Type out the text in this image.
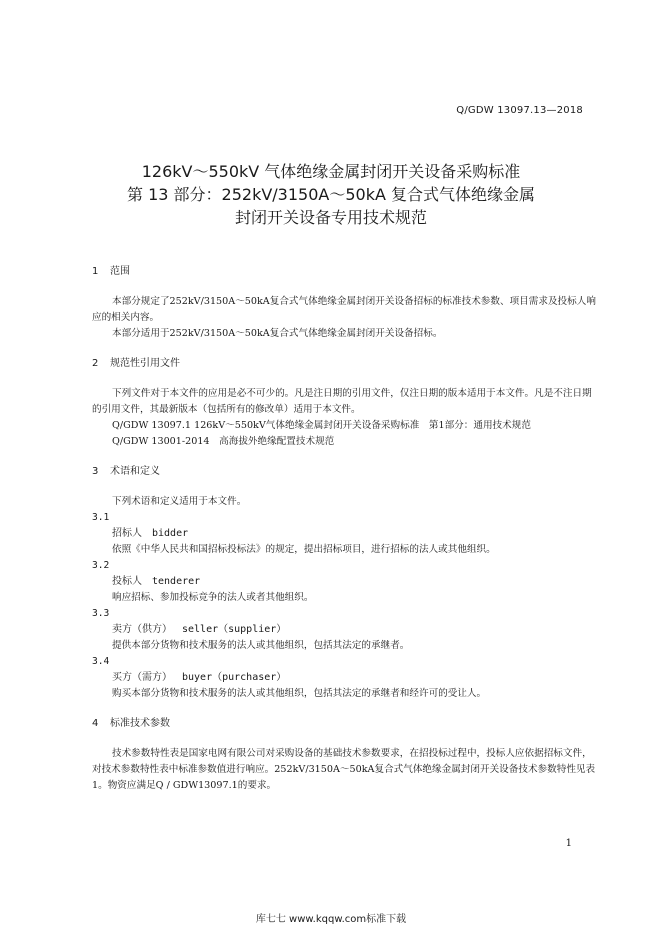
Q/GDW 13097.13—2018
126kV～550kV 气体绝缘金属封闭开关设备采购标准
第 13 部分：252kV/3150A～50kA 复合式气体绝缘金属
封闭开关设备专用技术规范
1 范围

本部分规定了252kV/3150A～50kA复合式气体绝缘金属封闭开关设备招标的标准技术参数、项目需求及投标人响应的相关内容。

本部分适用于252kV/3150A～50kA复合式气体绝缘金属封闭开关设备招标。

2 规范性引用文件

下列文件对于本文件的应用是必不可少的。凡是注日期的引用文件，仅注日期的版本适用于本文件。凡是不注日期的引用文件，其最新版本（包括所有的修改单）适用于本文件。

Q/GDW 13097.1 126kV～550kV气体绝缘金属封闭开关设备采购标准　第1部分：通用技术规范
Q/GDW 13001-2014　高海拔外绝缘配置技术规范
3 术语和定义

下列术语和定义适用于本文件。

3.1
招标人 bidder
依照《中华人民共和国招标投标法》的规定，提出招标项目，进行招标的法人或其他组织。
3.2
投标人 tenderer
响应招标、参加投标竞争的法人或者其他组织。
3.3
卖方（供方） seller（supplier）
提供本部分货物和技术服务的法人或其他组织，包括其法定的承继者。
3.4
买方（需方） buyer（purchaser）
购买本部分货物和技术服务的法人或其他组织，包括其法定的承继者和经许可的受让人。
4 标准技术参数

技术参数特性表是国家电网有限公司对采购设备的基础技术参数要求，在招投标过程中，投标人应依据招标文件，对技术参数特性表中标准参数值进行响应。252kV/3150A～50kA复合式气体绝缘金属封闭开关设备技术参数特性见表1。物资应满足Q / GDW13097.1的要求。

1
库七七 www.kqqw.com标准下载
